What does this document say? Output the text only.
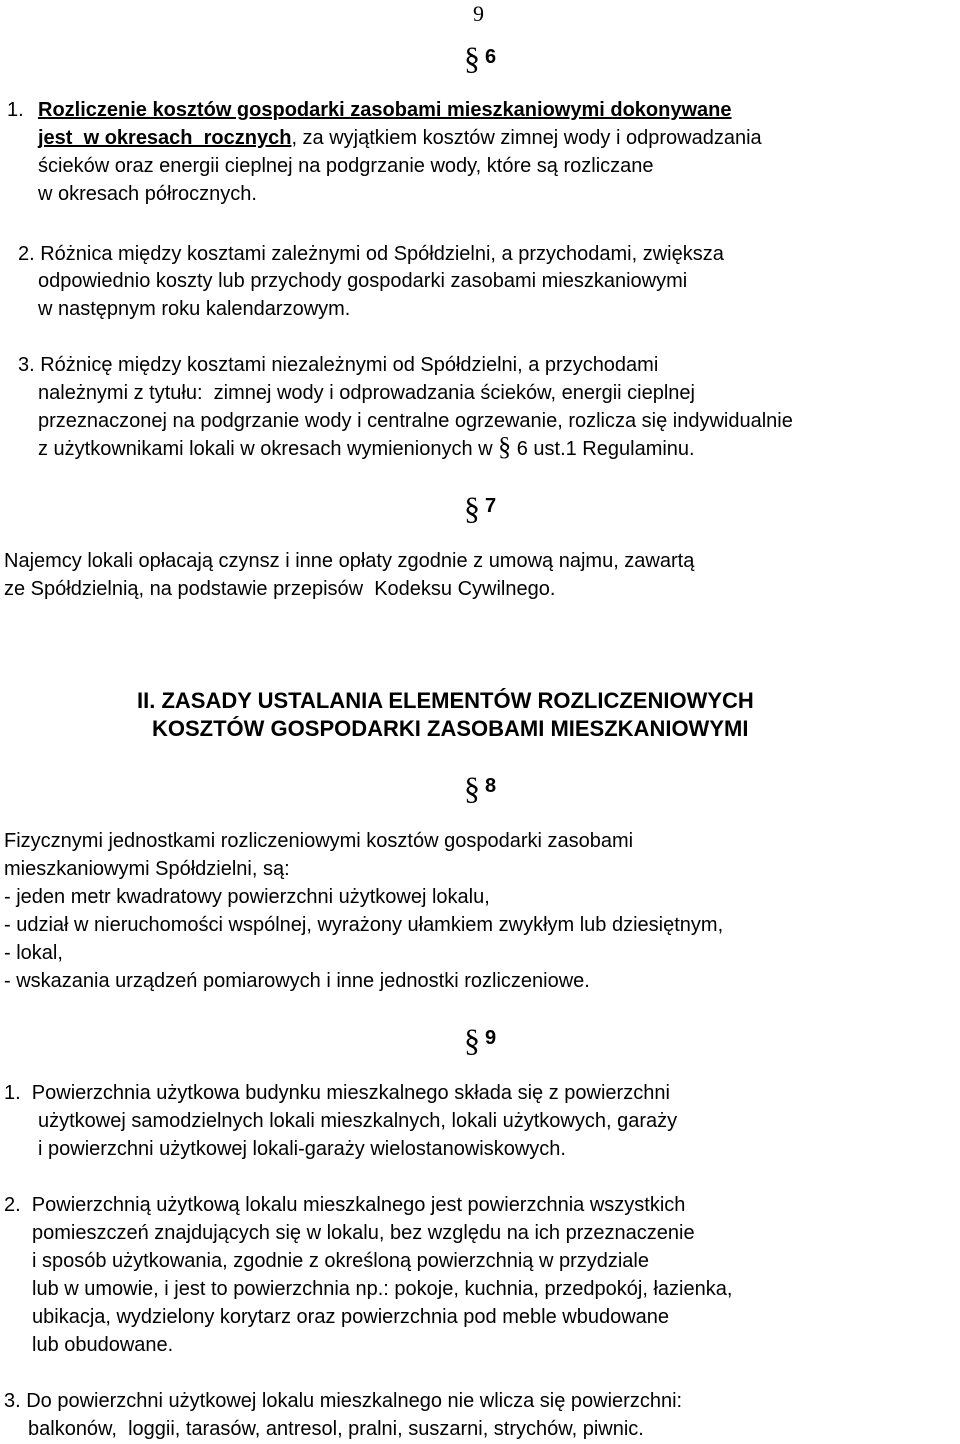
9
§ 6
1. Rozliczenie kosztów gospodarki zasobami mieszkaniowymi dokonywane
jest  w okresach  rocznych, za wyjątkiem kosztów zimnej wody i odprowadzania
ścieków oraz energii cieplnej na podgrzanie wody, które są rozliczane
w okresach półrocznych.
2. Różnica między kosztami zależnymi od Spółdzielni, a przychodami, zwiększa
odpowiednio koszty lub przychody gospodarki zasobami mieszkaniowymi
w następnym roku kalendarzowym.
3. Różnicę między kosztami niezależnymi od Spółdzielni, a przychodami
należnymi z tytułu:  zimnej wody i odprowadzania ścieków, energii cieplnej
przeznaczonej na podgrzanie wody i centralne ogrzewanie, rozlicza się indywidualnie
z użytkownikami lokali w okresach wymienionych w § 6 ust.1 Regulaminu.
§ 7
Najemcy lokali opłacają czynsz i inne opłaty zgodnie z umową najmu, zawartą
ze Spółdzielnią, na podstawie przepisów  Kodeksu Cywilnego.
II. ZASADY USTALANIA ELEMENTÓW ROZLICZENIOWYCH
KOSZTÓW GOSPODARKI ZASOBAMI MIESZKANIOWYMI
§ 8
Fizycznymi jednostkami rozliczeniowymi kosztów gospodarki zasobami
mieszkaniowymi Spółdzielni, są:
- jeden metr kwadratowy powierzchni użytkowej lokalu,
- udział w nieruchomości wspólnej, wyrażony ułamkiem zwykłym lub dziesiętnym,
- lokal,
- wskazania urządzeń pomiarowych i inne jednostki rozliczeniowe.
§ 9
1.  Powierzchnia użytkowa budynku mieszkalnego składa się z powierzchni
użytkowej samodzielnych lokali mieszkalnych, lokali użytkowych, garaży
i powierzchni użytkowej lokali-garaży wielostanowiskowych.
2.  Powierzchnią użytkową lokalu mieszkalnego jest powierzchnia wszystkich
pomieszczeń znajdujących się w lokalu, bez względu na ich przeznaczenie
i sposób użytkowania, zgodnie z określoną powierzchnią w przydziale
lub w umowie, i jest to powierzchnia np.: pokoje, kuchnia, przedpokój, łazienka,
ubikacja, wydzielony korytarz oraz powierzchnia pod meble wbudowane
lub obudowane.
3. Do powierzchni użytkowej lokalu mieszkalnego nie wlicza się powierzchni:
balkonów,  loggii, tarasów, antresol, pralni, suszarni, strychów, piwnic.
